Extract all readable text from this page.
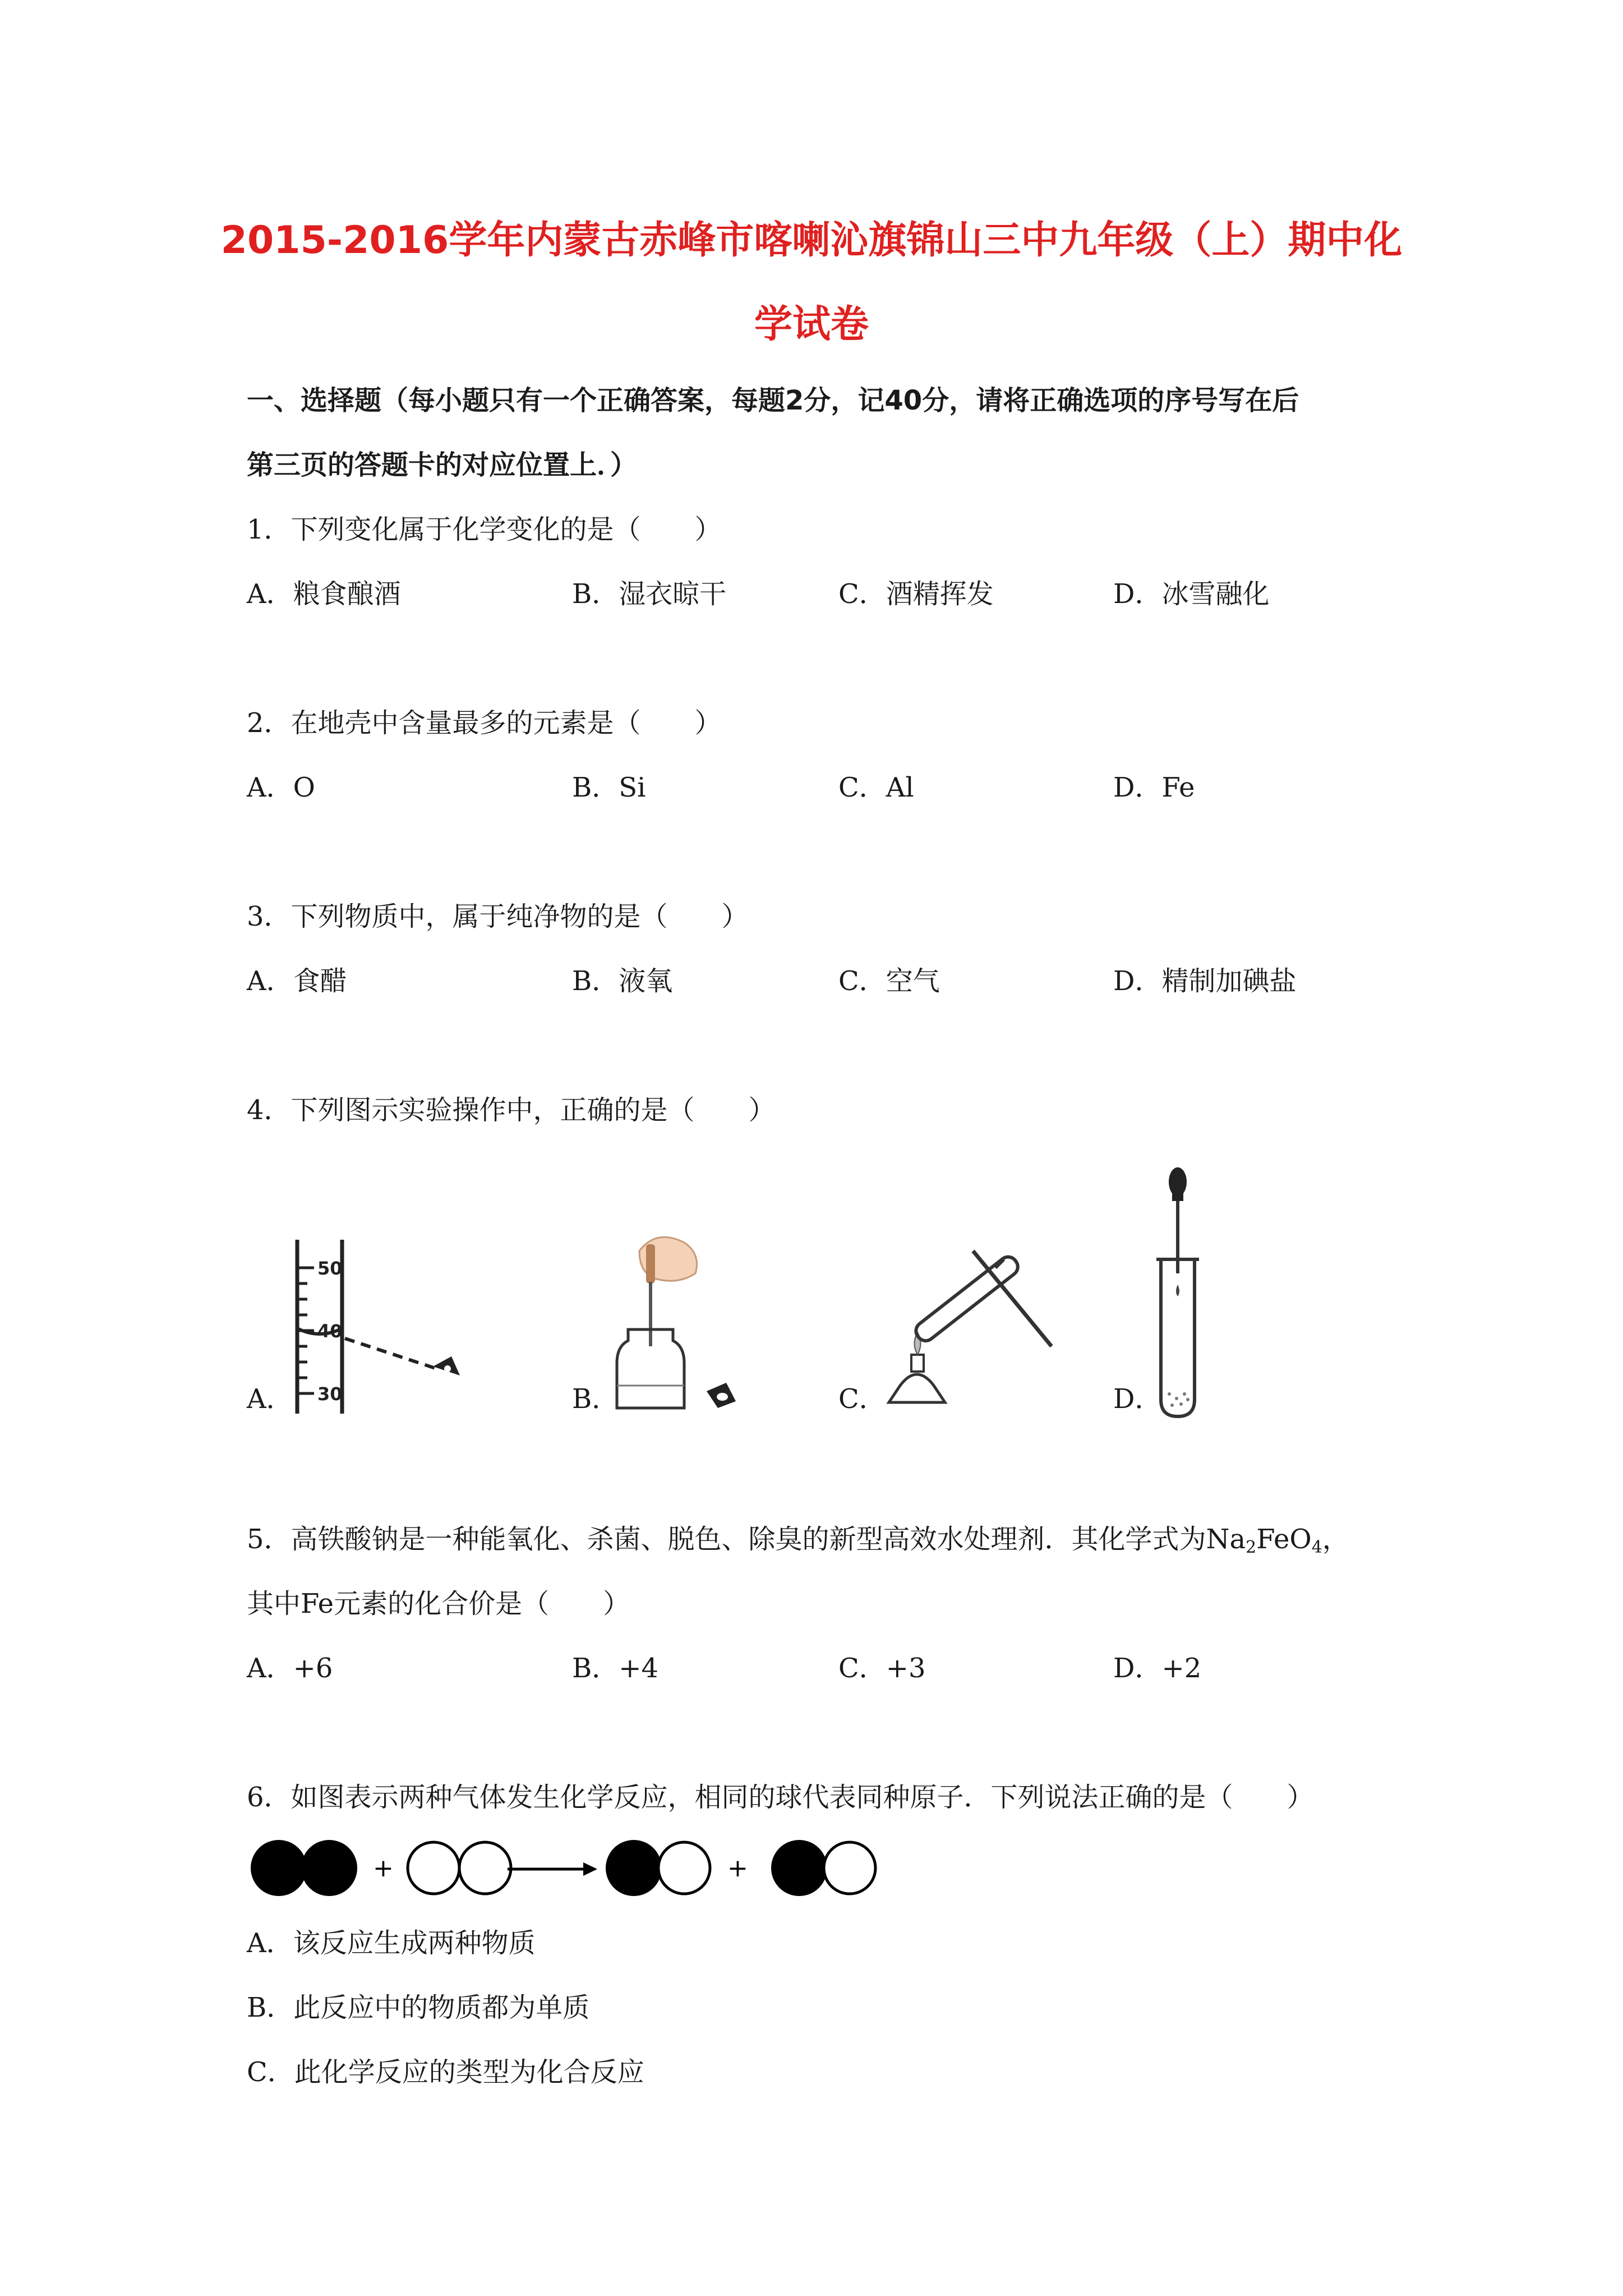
2015-2016学年内蒙古赤峰市喀喇沁旗锦山三中九年级（上）期中化
学试卷
一、选择题（每小题只有一个正确答案，每题2分，记40分，请将正确选项的序号写在后
第三页的答题卡的对应位置上．）
1．下列变化属于化学变化的是（　　）
A．粮食酿酒	B．湿衣晾干	C．酒精挥发	D．冰雪融化
2．在地壳中含量最多的元素是（　　）
A．O	B．Si	C．Al	D．Fe
3．下列物质中，属于纯净物的是（　　）
A．食醋	B．液氧	C．空气	D．精制加碘盐
4．下列图示实验操作中，正确的是（　　）
50
40
30
A．	B．	C．	D．
5．高铁酸钠是一种能氧化、杀菌、脱色、除臭的新型高效水处理剂．其化学式为$Na_2FeO_4$，
其中Fe元素的化合价是（　　）
A．+6	B．+4	C．+3	D．+2
6．如图表示两种气体发生化学反应，相同的球代表同种原子．下列说法正确的是（　　）
+	+
A．该反应生成两种物质
B．此反应中的物质都为单质
C．此化学反应的类型为化合反应
